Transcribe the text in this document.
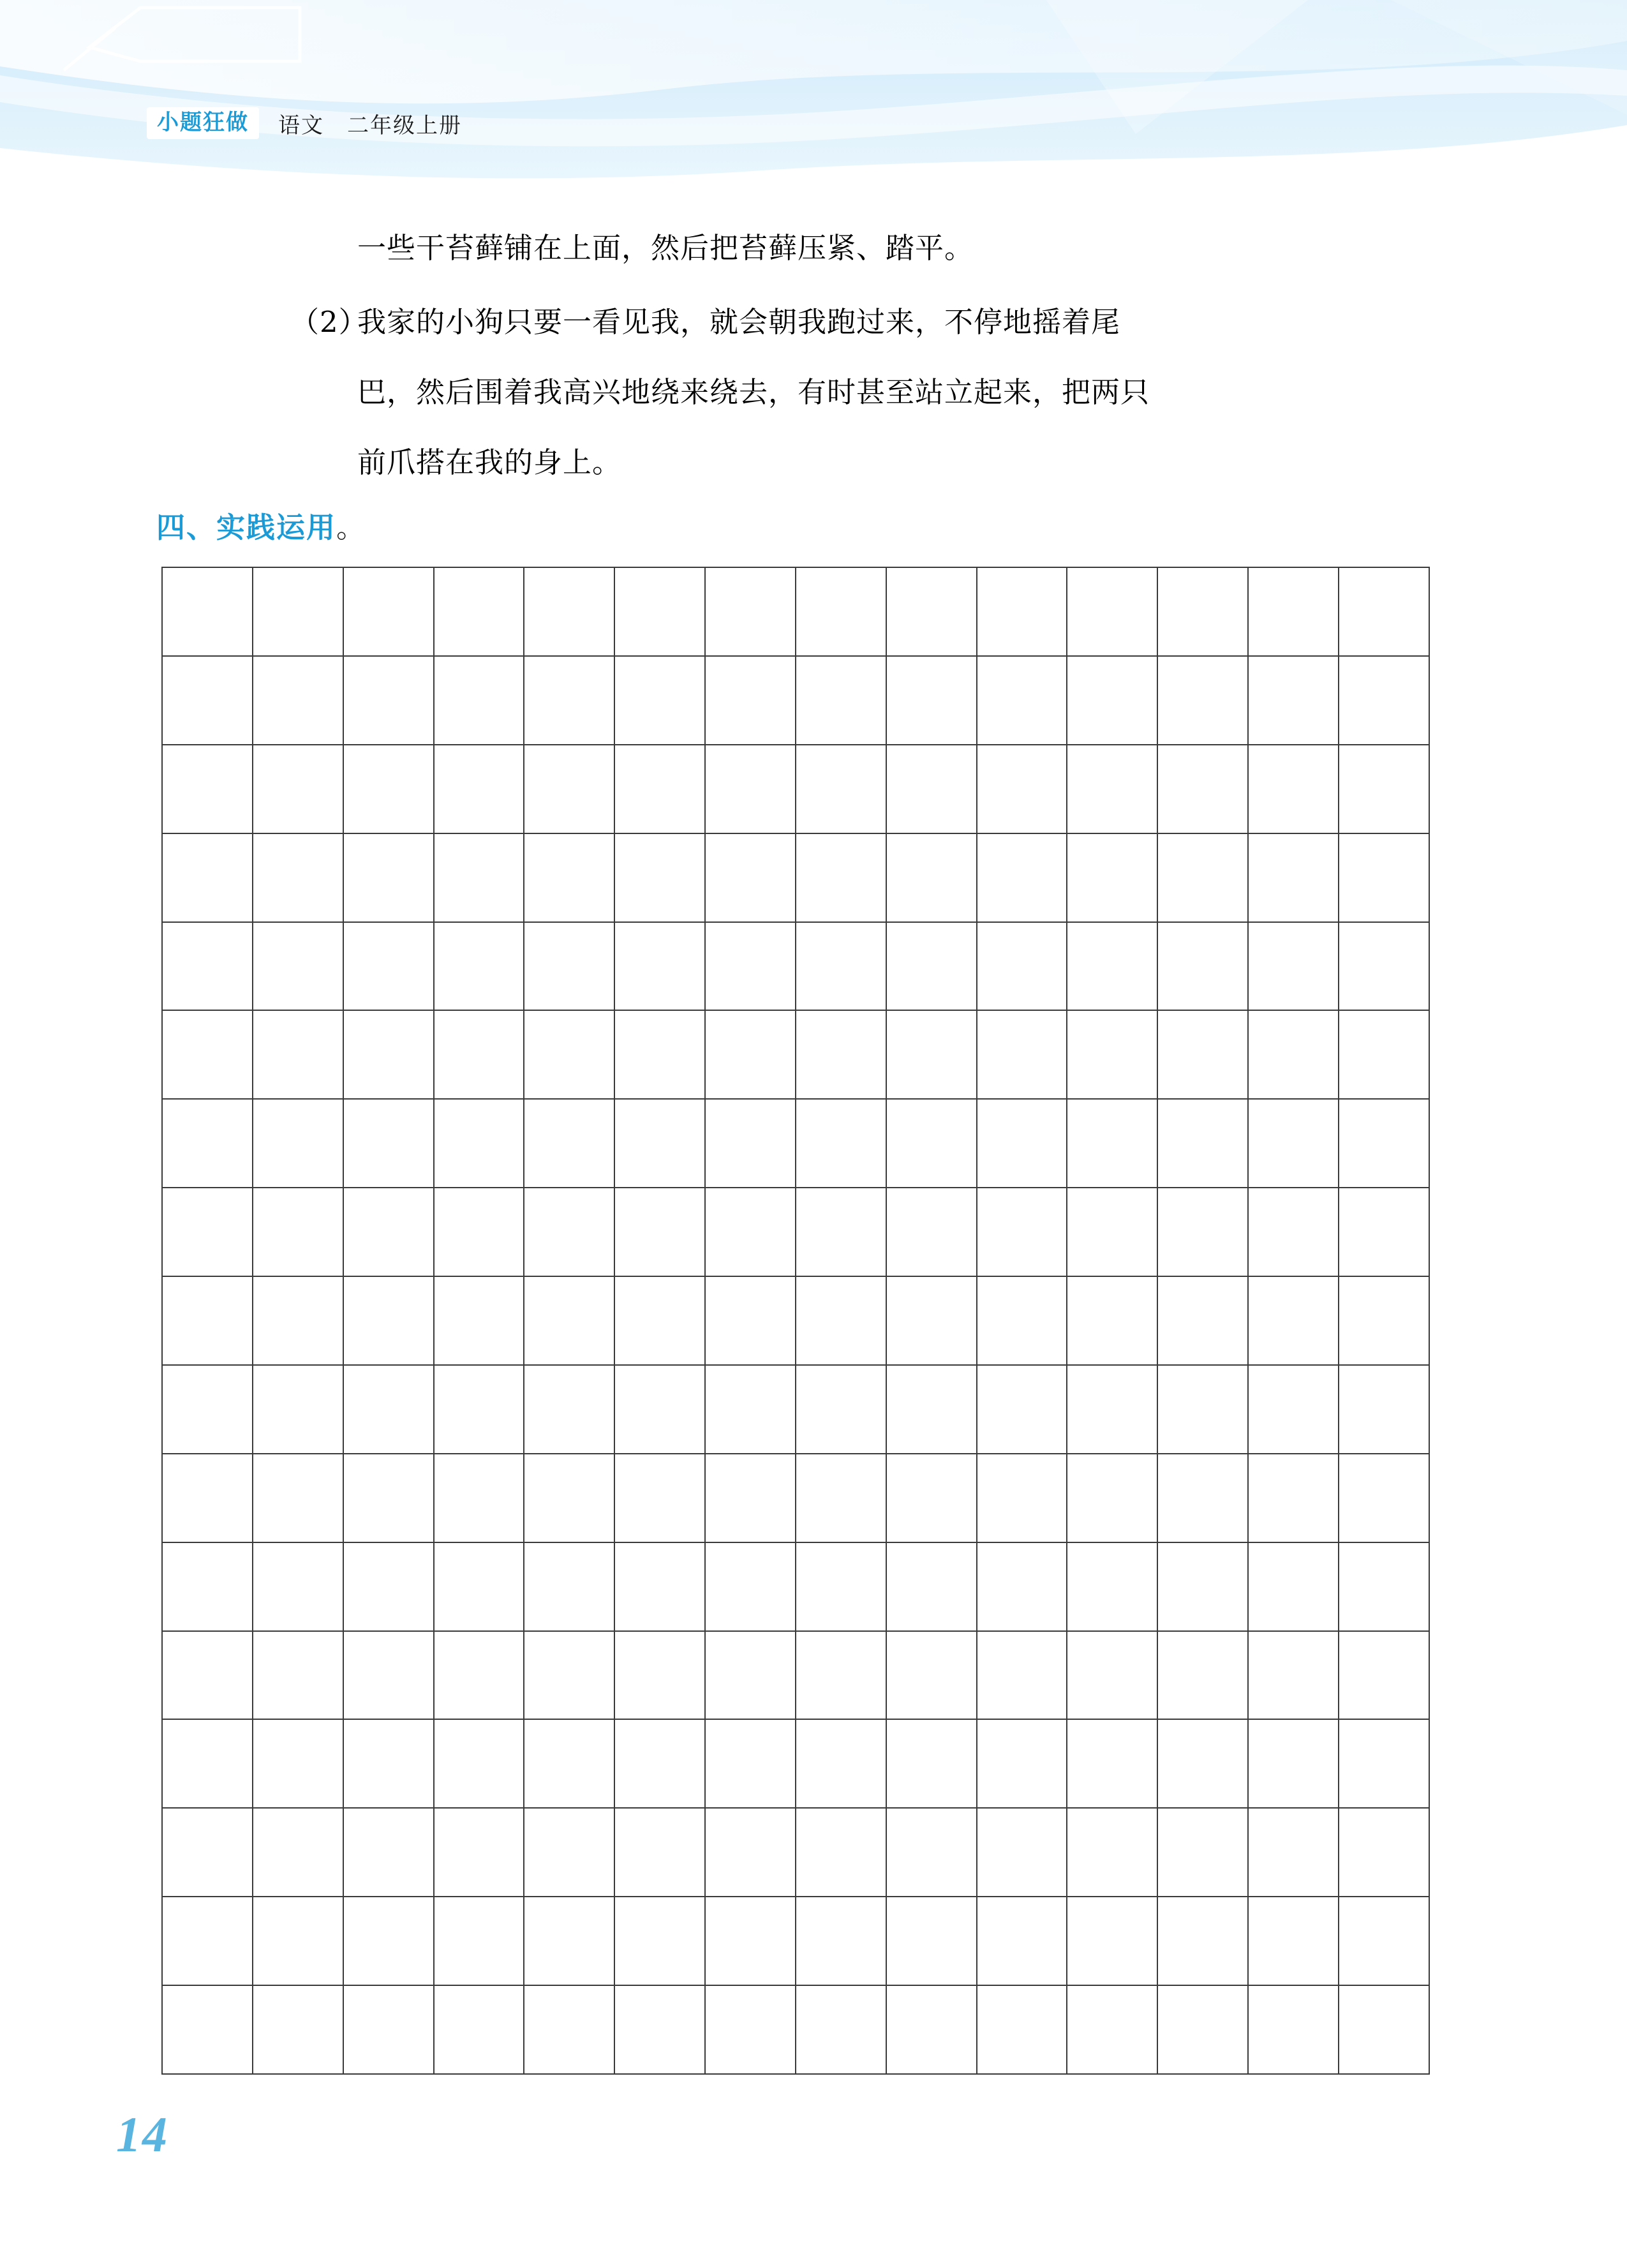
小题狂做	语文　二年级上册
一些干苔藓铺在上面，然后把苔藓压紧、踏平。
（2）
我家的小狗只要一看见我，就会朝我跑过来，不停地摇着尾
巴，然后围着我高兴地绕来绕去，有时甚至站立起来，把两只
前爪搭在我的身上。
四、实践运用。

14
